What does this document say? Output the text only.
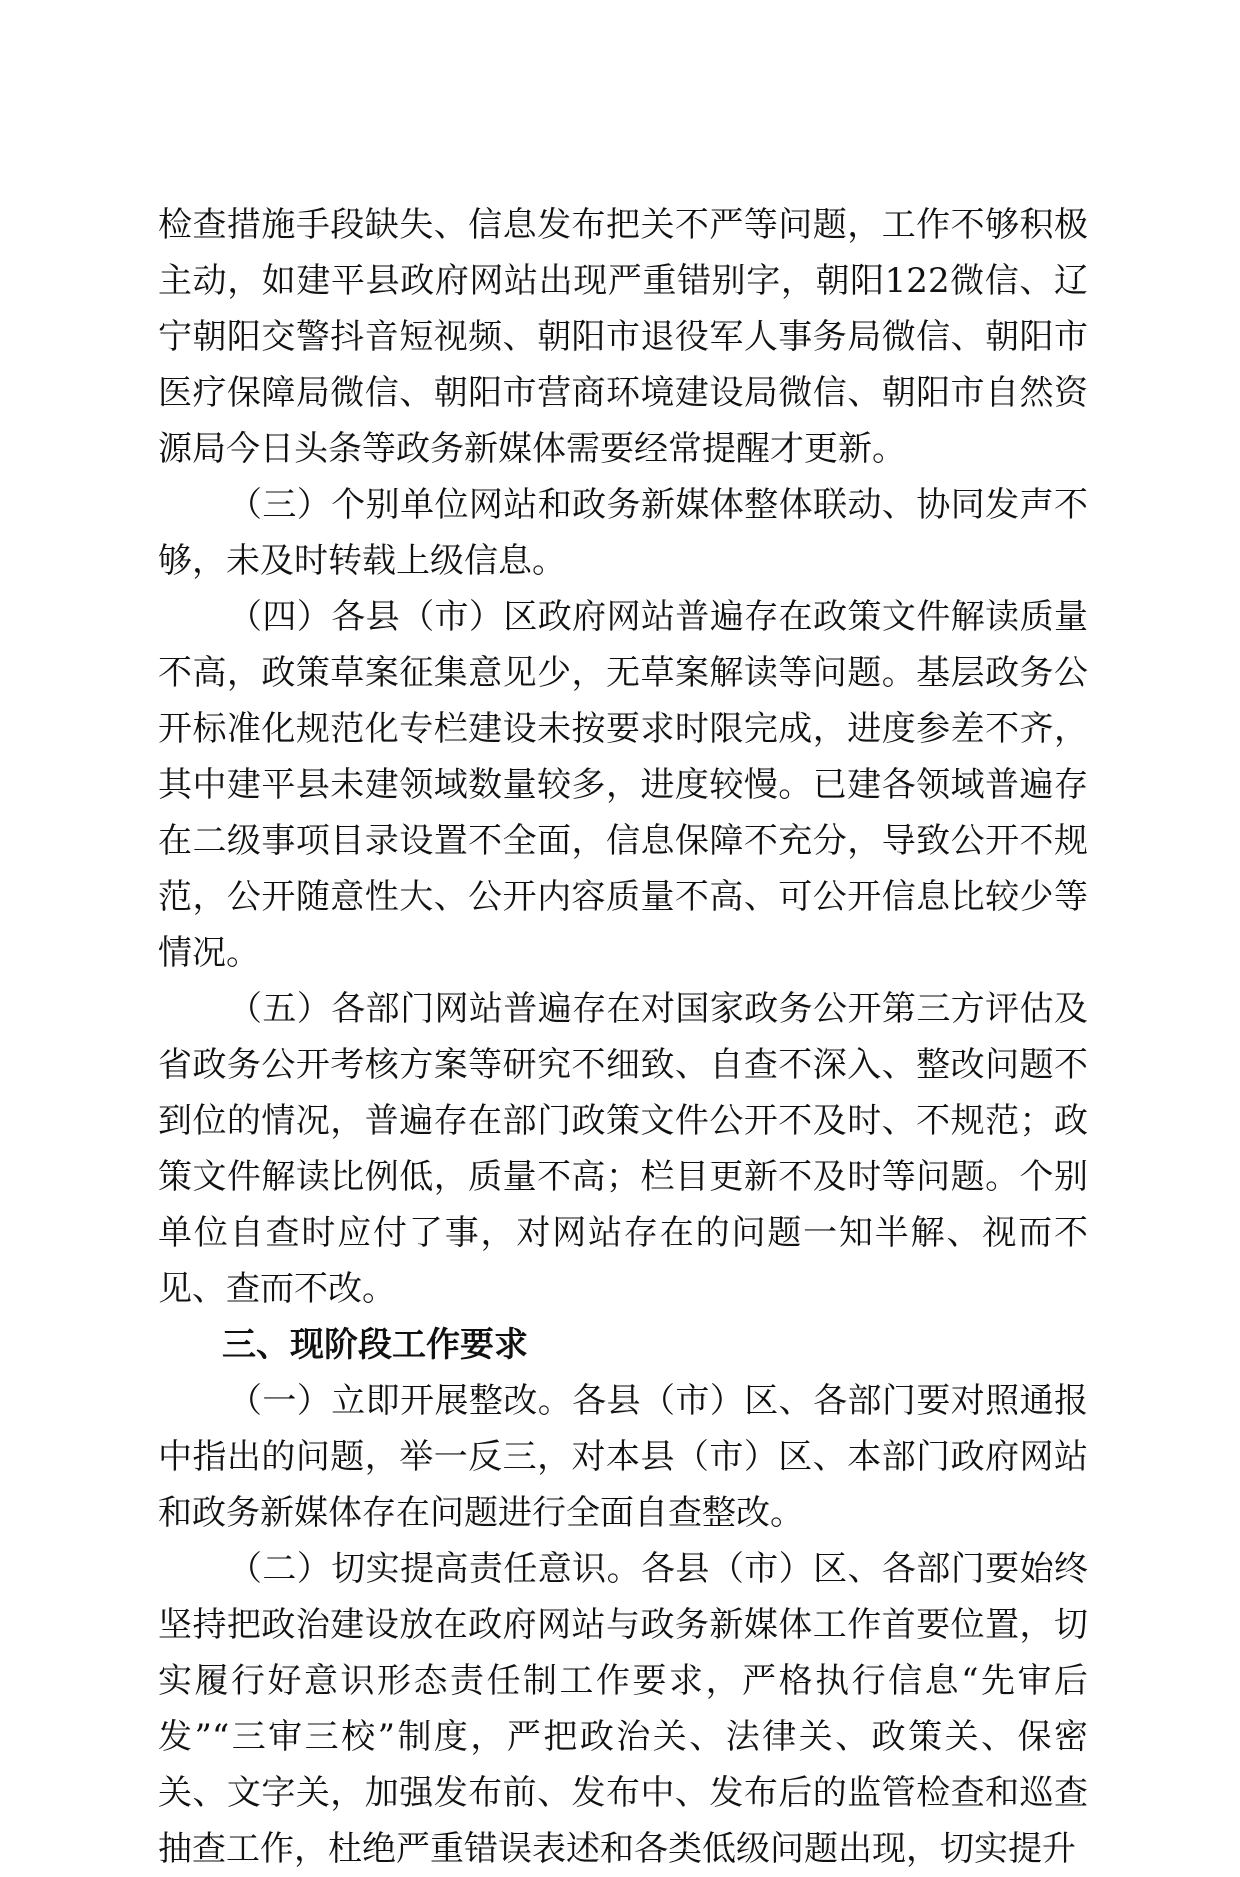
检查措施手段缺失、信息发布把关不严等问题，工作不够积极主动，如建平县政府网站出现严重错别字，朝阳122微信、辽宁朝阳交警抖音短视频、朝阳市退役军人事务局微信、朝阳市医疗保障局微信、朝阳市营商环境建设局微信、朝阳市自然资源局今日头条等政务新媒体需要经常提醒才更新。

（三）个别单位网站和政务新媒体整体联动、协同发声不够，未及时转载上级信息。

（四）各县（市）区政府网站普遍存在政策文件解读质量不高，政策草案征集意见少，无草案解读等问题。基层政务公开标准化规范化专栏建设未按要求时限完成，进度参差不齐，其中建平县未建领域数量较多，进度较慢。已建各领域普遍存在二级事项目录设置不全面，信息保障不充分，导致公开不规范，公开随意性大、公开内容质量不高、可公开信息比较少等情况。

（五）各部门网站普遍存在对国家政务公开第三方评估及省政务公开考核方案等研究不细致、自查不深入、整改问题不到位的情况，普遍存在部门政策文件公开不及时、不规范；政策文件解读比例低，质量不高；栏目更新不及时等问题。个别单位自查时应付了事，对网站存在的问题一知半解、视而不见、查而不改。

三、现阶段工作要求

（一）立即开展整改。各县（市）区、各部门要对照通报中指出的问题，举一反三，对本县（市）区、本部门政府网站和政务新媒体存在问题进行全面自查整改。

（二）切实提高责任意识。各县（市）区、各部门要始终坚持把政治建设放在政府网站与政务新媒体工作首要位置，切实履行好意识形态责任制工作要求，严格执行信息“先审后发”“三审三校”制度，严把政治关、法律关、政策关、保密关、文字关，加强发布前、发布中、发布后的监管检查和巡查抽查工作，杜绝严重错误表述和各类低级问题出现，切实提升
